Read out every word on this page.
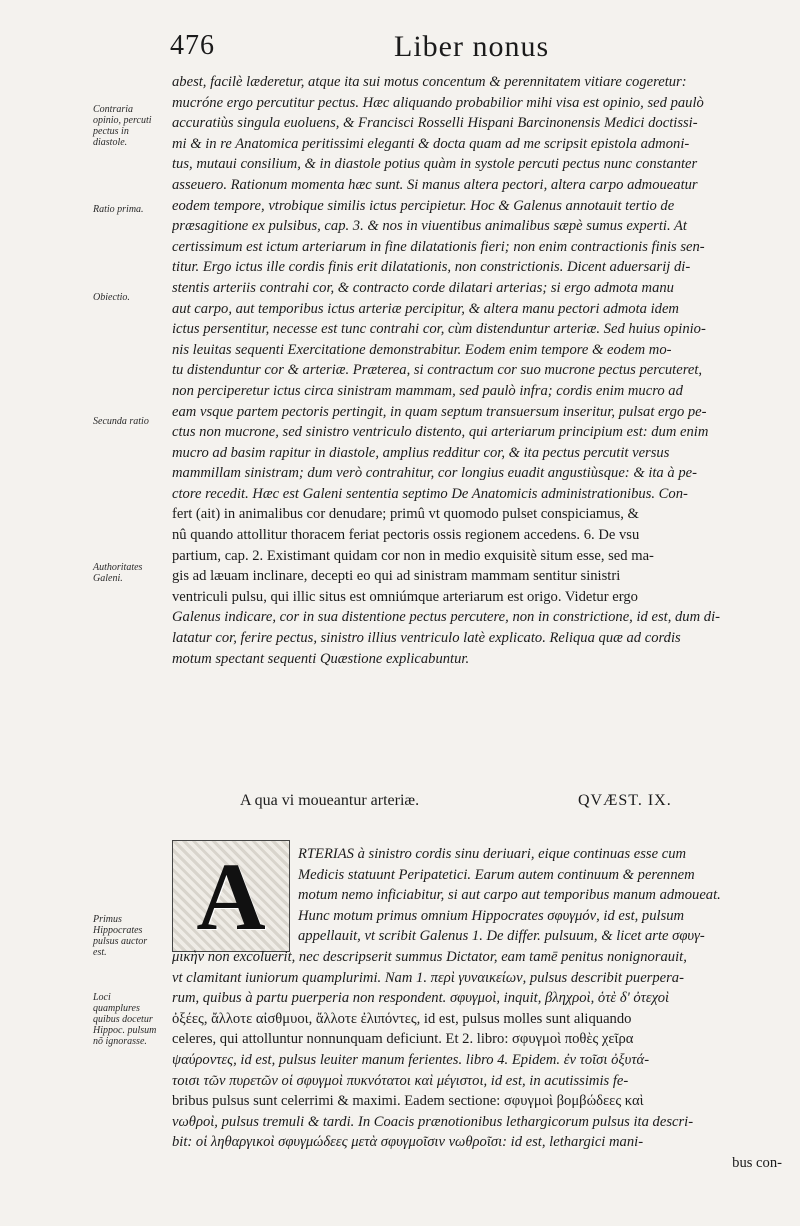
476	Liber nonus
Contraria opinio, percuti pectus in diastole.
Ratio prima.
Obiectio.
Secunda ratio
Authoritates Galeni.
Primus Hippocrates pulsus auctor est.
Loci quamplures quibus docetur Hippoc. pulsum nõ ignorasse.
abest, facilè læderetur, atque ita sui motus concentum & perennitatem vitiare cogeretur:
mucróne ergo percutitur pectus. Hæc aliquando probabilior mihi visa est opinio, sed paulò
accuratiùs singula euoluens, & Francisci Rosselli Hispani Barcinonensis Medici doctissi-
mi & in re Anatomica peritissimi eleganti & docta quam ad me scripsit epistola admoni-
tus, mutaui consilium, & in diastole potius quàm in systole percuti pectus nunc constanter
asseuero. Rationum momenta hæc sunt. Si manus altera pectori, altera carpo admoueatur
eodem tempore, vtrobique similis ictus percipietur. Hoc & Galenus annotauit tertio de
præsagitione ex pulsibus, cap. 3. & nos in viuentibus animalibus sæpè sumus experti. At
certissimum est ictum arteriarum in fine dilatationis fieri; non enim contractionis finis sen-
titur. Ergo ictus ille cordis finis erit dilatationis, non constrictionis. Dicent aduersarij di-
stentis arteriis contrahi cor, & contracto corde dilatari arterias; si ergo admota manu
aut carpo, aut temporibus ictus arteriæ percipitur, & altera manu pectori admota idem
ictus persentitur, necesse est tunc contrahi cor, cùm distenduntur arteriæ. Sed huius opinio-
nis leuitas sequenti Exercitatione demonstrabitur. Eodem enim tempore & eodem mo-
tu distenduntur cor & arteriæ. Præterea, si contractum cor suo mucrone pectus percuteret,
non perciperetur ictus circa sinistram mammam, sed paulò infra; cordis enim mucro ad
eam vsque partem pectoris pertingit, in quam septum transuersum inseritur, pulsat ergo pe-
ctus non mucrone, sed sinistro ventriculo distento, qui arteriarum principium est: dum enim
mucro ad basim rapitur in diastole, amplius redditur cor, & ita pectus percutit versus
mammillam sinistram; dum verò contrahitur, cor longius euadit angustiùsque: & ita à pe-
ctore recedit. Hæc est Galeni sententia septimo De Anatomicis administrationibus. Con-
fert (ait) in animalibus cor denudare; primû vt quomodo pulset conspiciamus, &
nû quando attollitur thoracem feriat pectoris ossis regionem accedens. 6. De vsu
partium, cap. 2. Existimant quidam cor non in medio exquisitè situm esse, sed ma-
gis ad læuam inclinare, decepti eo qui ad sinistram mammam sentitur sinistri
ventriculi pulsu, qui illic situs est omniúmque arteriarum est origo. Videtur ergo
Galenus indicare, cor in sua distentione pectus percutere, non in constrictione, id est, dum di-
latatur cor, ferire pectus, sinistro illius ventriculo latè explicato. Reliqua quæ ad cordis
motum spectant sequenti Quæstione explicabuntur.
A qua vi moueantur arteriæ.	QVÆST. IX.
A	RTERIAS à sinistro cordis sinu deriuari, eique continuas esse cum
Medicis statuunt Peripatetici. Earum autem continuum & perennem
motum nemo inficiabitur, si aut carpo aut temporibus manum admoueat.
Hunc motum primus omnium Hippocrates σφυγμόν, id est, pulsum
appellauit, vt scribit Galenus 1. De differ. pulsuum, & licet arte σφυγ-
μικὴν non excoluerit, nec descripserit summus Dictator, eam tamē penitus nonignorauit,
vt clamitant iuniorum quamplurimi. Nam 1. περὶ γυναικείων, pulsus describit puerpera-
rum, quibus à partu puerperia non respondent. σφυγμοὶ, inquit, βληχροὶ, ὁτὲ δ' ὀτεχοὶ
ὀξέες, ἄλλοτε αἰσθμυοι, ἄλλοτε ἐλιπόντες, id est, pulsus molles sunt aliquando
celeres, qui attolluntur nonnunquam deficiunt. Et 2. libro: σφυγμοὶ ποθὲς χεῖρα
ψαύροντες, id est, pulsus leuiter manum ferientes. libro 4. Epidem. ἐν τοῖσι ὀξυτά-
τοισι τῶν πυρετῶν οἱ σφυγμοὶ πυκνότατοι καὶ μέγιστοι, id est, in acutissimis fe-
bribus pulsus sunt celerrimi & maximi. Eadem sectione: σφυγμοὶ βομβώδεες καὶ
νωθροὶ, pulsus tremuli & tardi. In Coacis prænotionibus lethargicorum pulsus ita descri-
bit: οἱ ληθαργικοὶ σφυγμώδεες μετὰ σφυγμοῖσιν νωθροῖσι: id est, lethargici mani-
bus con-
